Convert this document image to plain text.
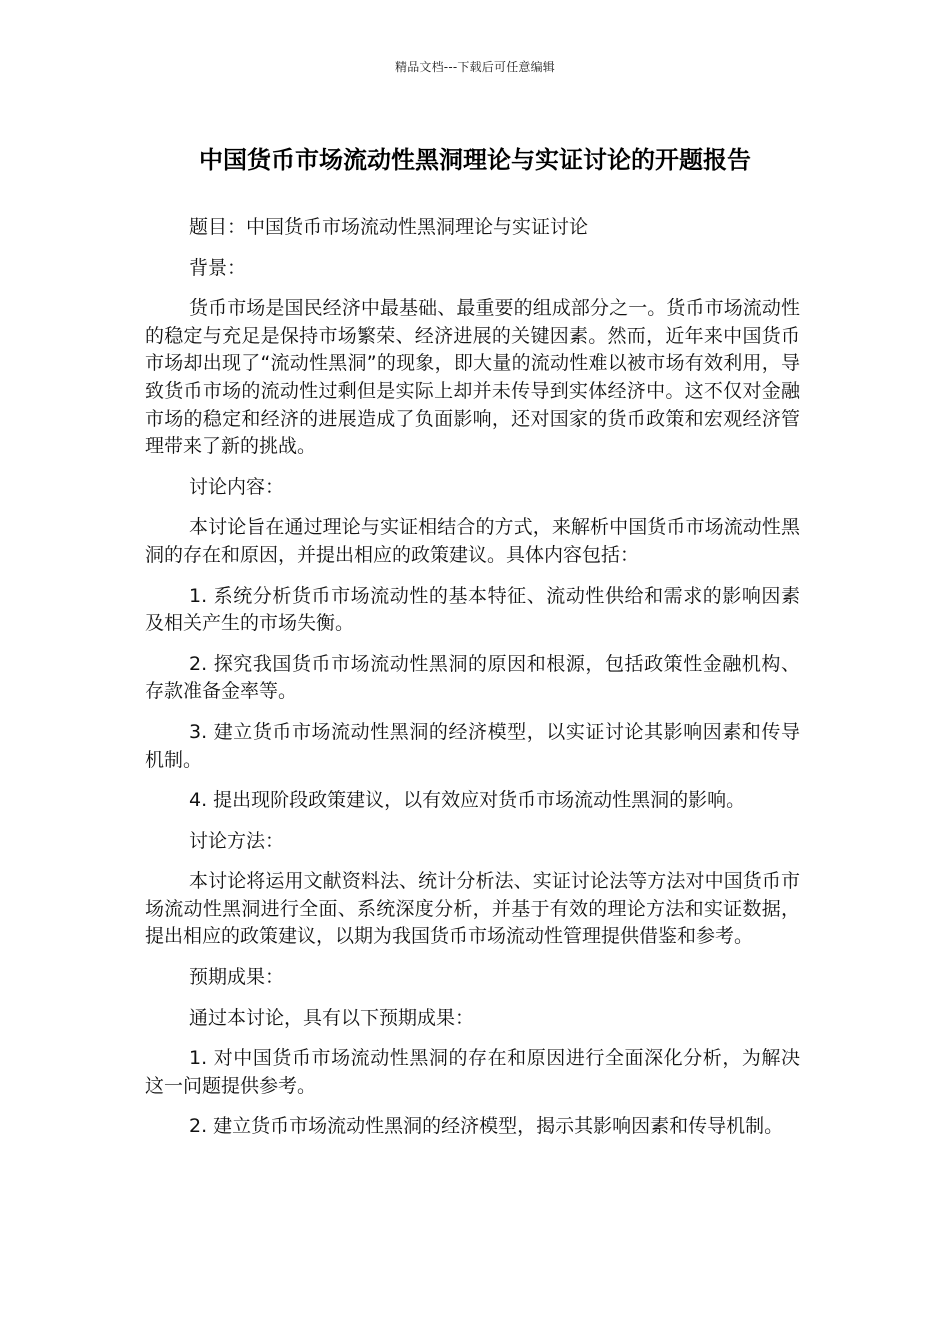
精品文档---下载后可任意编辑
中国货币市场流动性黑洞理论与实证讨论的开题报告

题目：中国货币市场流动性黑洞理论与实证讨论

背景：

货币市场是国民经济中最基础、最重要的组成部分之一。货币市场流动性的稳定与充足是保持市场繁荣、经济进展的关键因素。然而，近年来中国货币市场却出现了“流动性黑洞”的现象，即大量的流动性难以被市场有效利用，导致货币市场的流动性过剩但是实际上却并未传导到实体经济中。这不仅对金融市场的稳定和经济的进展造成了负面影响，还对国家的货币政策和宏观经济管理带来了新的挑战。

讨论内容：

本讨论旨在通过理论与实证相结合的方式，来解析中国货币市场流动性黑洞的存在和原因，并提出相应的政策建议。具体内容包括：

1. 系统分析货币市场流动性的基本特征、流动性供给和需求的影响因素及相关产生的市场失衡。

2. 探究我国货币市场流动性黑洞的原因和根源，包括政策性金融机构、存款准备金率等。

3. 建立货币市场流动性黑洞的经济模型，以实证讨论其影响因素和传导机制。

4. 提出现阶段政策建议，以有效应对货币市场流动性黑洞的影响。

讨论方法：

本讨论将运用文献资料法、统计分析法、实证讨论法等方法对中国货币市场流动性黑洞进行全面、系统深度分析，并基于有效的理论方法和实证数据，提出相应的政策建议，以期为我国货币市场流动性管理提供借鉴和参考。

预期成果：

通过本讨论，具有以下预期成果：

1. 对中国货币市场流动性黑洞的存在和原因进行全面深化分析，为解决这一问题提供参考。

2. 建立货币市场流动性黑洞的经济模型，揭示其影响因素和传导机制。
